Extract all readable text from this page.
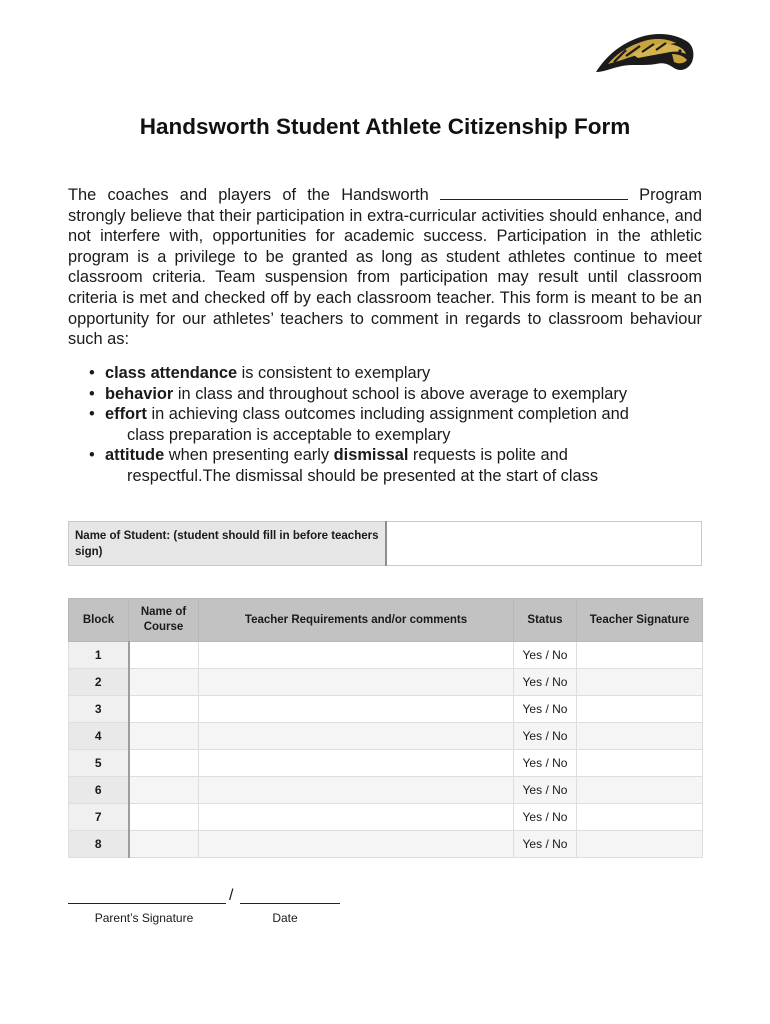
Handsworth Student Athlete Citizenship Form

The coaches and players of the Handsworth	Program strongly believe that their participation in extra-curricular activities should enhance, and not interfere with, opportunities for academic success. Participation in the athletic program is a privilege to be granted as long as student athletes continue to meet classroom criteria. Team suspension from participation may result until classroom criteria is met and checked off by each classroom teacher. This form is meant to be an opportunity for our athletes’ teachers to comment in regards to classroom behaviour such as:

• class attendance is consistent to exemplary
• behavior in class and throughout school is above average to exemplary
• effort in achieving class outcomes including assignment completion and
class preparation is acceptable to exemplary
• attitude when presenting early dismissal requests is polite and
respectful.The dismissal should be presented at the start of class
Name of Student: (student should fill in before teachers sign)	
Block	Name of Course	Teacher Requirements and/or comments	Status	Teacher Signature
1			Yes / No	
2			Yes / No	
3			Yes / No	
4			Yes / No	
5			Yes / No	
6			Yes / No	
7			Yes / No	
8			Yes / No	
/
Parent’s Signature	Date
